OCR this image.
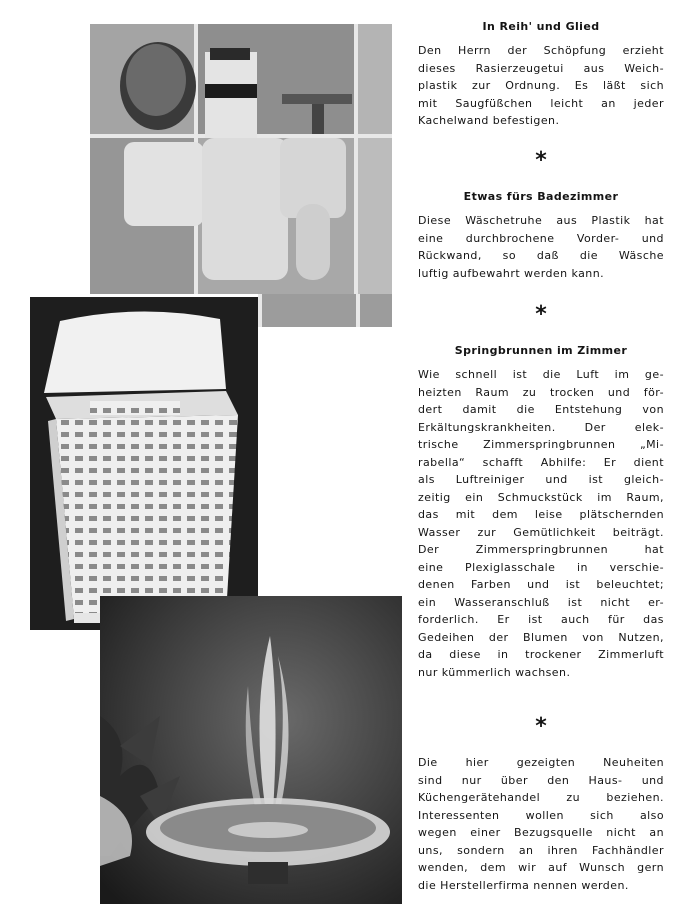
In Reih' und Glied

Den Herrn der Schöpfung erzieht
dieses Rasierzeugetui aus Weich-
plastik zur Ordnung. Es läßt sich
mit Saugfüßchen leicht an jeder
Kachelwand befestigen.

*
Etwas fürs Badezimmer

Diese Wäschetruhe aus Plastik hat
eine durchbrochene Vorder- und
Rückwand, so daß die Wäsche
luftig aufbewahrt werden kann.

*
Springbrunnen im Zimmer

Wie schnell ist die Luft im ge-
heizten Raum zu trocken und för-
dert damit die Entstehung von
Erkältungskrankheiten. Der elek-
trische Zimmerspringbrunnen „Mi-
rabella“ schafft Abhilfe: Er dient
als Luftreiniger und ist gleich-
zeitig ein Schmuckstück im Raum,
das mit dem leise plätschernden
Wasser zur Gemütlichkeit beiträgt.
Der Zimmerspringbrunnen hat
eine Plexiglasschale in verschie-
denen Farben und ist beleuchtet;
ein Wasseranschluß ist nicht er-
forderlich. Er ist auch für das
Gedeihen der Blumen von Nutzen,
da diese in trockener Zimmerluft
nur kümmerlich wachsen.

*

Die hier gezeigten Neuheiten
sind nur über den Haus- und
Küchengerätehandel zu beziehen.
Interessenten wollen sich also
wegen einer Bezugsquelle nicht an
uns, sondern an ihren Fachhändler
wenden, dem wir auf Wunsch gern
die Herstellerfirma nennen werden.
